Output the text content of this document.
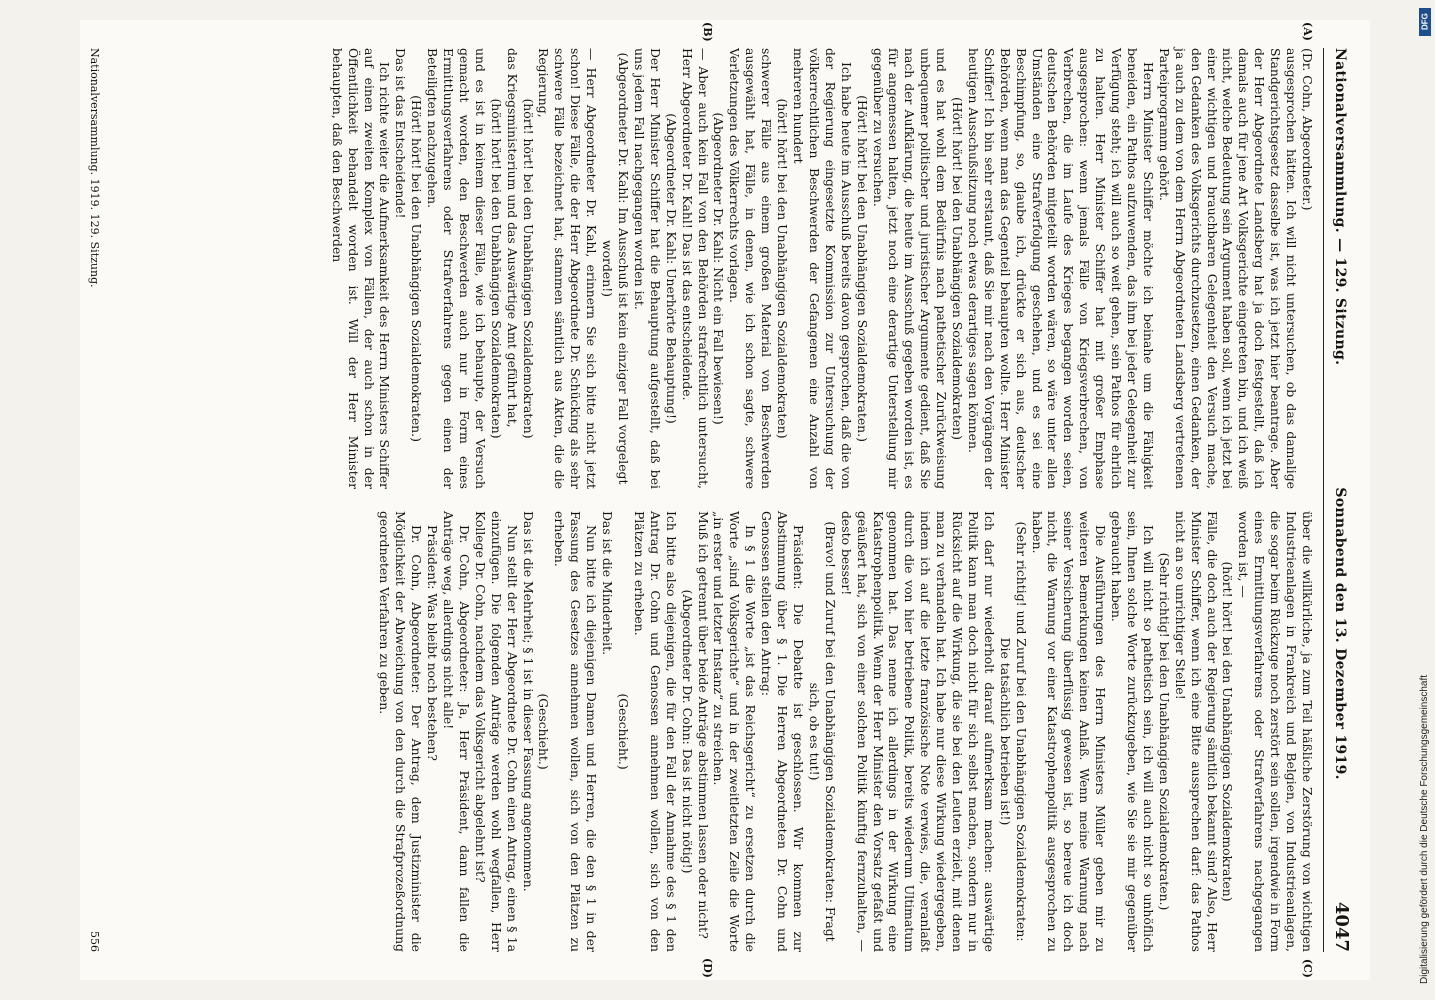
Nationalversammlung. — 129. Sitzung.
Sonnabend den 13. Dezember 1919.
4047
(A)
(B)

(Dr. Cohn, Abgeordneter.)

ausgesprochen hätten. Ich will nicht untersuchen, ob das damalige Standgerichtsgesetz dasselbe ist, was ich jetzt hier beantrage. Aber der Herr Abgeordnete Landsberg hat ja doch festgestellt, daß ich damals auch für jene Art Volksgerichte eingetreten bin, und ich weiß nicht, welche Bedeutung sein Argument haben soll, wenn ich jetzt bei einer wichtigen und brauchbaren Gelegenheit den Versuch mache, den Gedanken des Volksgerichts durchzusetzen, einen Gedanken, der ja auch zu dem von dem Herrn Abgeordneten Landsberg vertretenen Parteiprogramm gehört.

Herrn Minister Schiffer möchte ich beinahe um die Fähigkeit beneiden, ein Pathos aufzuwenden, das ihm bei jeder Gelegenheit zur Verfügung steht; ich will auch so weit gehen, sein Pathos für ehrlich zu halten. Herr Minister Schiffer hat mit großer Emphase ausgesprochen: wenn jemals Fälle von Kriegsverbrechen, von Verbrechen, die im Laufe des Krieges begangen worden seien, deutschen Behörden mitgeteilt worden wären, so wäre unter allen Umständen eine Strafverfolgung geschehen, und es sei eine Beschimpfung, so, glaube ich, drückte er sich aus, deutscher Behörden, wenn man das Gegenteil behaupten wollte. Herr Minister Schiffer! Ich bin sehr erstaunt, daß Sie mir nach den Vorgängen der heutigen Ausschußsitzung noch etwas derartiges sagen können.

(Hört! hört! bei den Unabhängigen Sozialdemokraten)

und es hat wohl dem Bedürfnis nach pathetischer Zurückweisung unbequemer politischer und juristischer Argumente gedient, daß Sie nach der Aufklärung, die heute im Ausschuß gegeben worden ist, es für angemessen halten, jetzt noch eine derartige Unterstellung mir gegenüber zu versuchen.

(Hört! hört! bei den Unabhängigen Sozialdemokraten.)

Ich habe heute im Ausschuß bereits davon gesprochen, daß die von der Regierung eingesetzte Kommission zur Untersuchung der völkerrechtlichen Beschwerden der Gefangenen eine Anzahl von mehreren hundert

(hört! hört! bei den Unabhängigen Sozialdemokraten)

schwerer Fälle aus einem großen Material von Beschwerden ausgewählt hat, Fälle, in denen, wie ich schon sagte, schwere Verletzungen des Völkerrechts vorlagen.

(Abgeordneter Dr. Kahl: Nicht ein Fall bewiesen!)

— Aber auch kein Fall von den Behörden strafrechtlich untersucht, Herr Abgeordneter Dr. Kahl! Das ist das entscheidende.

(Abgeordneter Dr. Kahl: Unerhörte Behauptung!)

Der Herr Minister Schiffer hat die Behauptung aufgestellt, daß bei uns jedem Fall nachgegangen worden ist.

(Abgeordneter Dr. Kahl: Im Ausschuß ist kein einziger Fall vorgelegt worden!)

— Herr Abgeordneter Dr. Kahl, erinnern Sie sich bitte nicht jetzt schon! Diese Fälle, die der Herr Abgeordnete Dr. Schücking als sehr schwere Fälle bezeichnet hat, stammen sämtlich aus Akten, die die Regierung,

(hört! hört! bei den Unabhängigen Sozialdemokraten)

das Kriegsministerium und das Auswärtige Amt geführt hat,

(hört! hört! bei den Unabhängigen Sozialdemokraten)

und es ist in keinem dieser Fälle, wie ich behaupte, der Versuch gemacht worden, den Beschwerden auch nur in Form eines Ermittlungsverfahrens oder Strafverfahrens gegen einen der Beteiligten nachzugehen.

(Hört! hört! bei den Unabhängigen Sozialdemokraten.)

Das ist das Entscheidende!

Ich richte weiter die Aufmerksamkeit des Herrn Ministers Schiffer auf einen zweiten Komplex von Fällen, der auch schon in der Öffentlichkeit behandelt worden ist. Will der Herr Minister behaupten, daß den Beschwerden

(C)
(D)

über die willkürliche, ja zum Teil häßliche Zerstörung von wichtigen Industrieanlagen in Frankreich und Belgien, von Industrieanlagen, die sogar beim Rückzuge noch zerstört sein sollen, irgendwie in Form eines Ermittlungsverfahrens oder Strafverfahrens nachgegangen worden ist, —

(hört! hört! bei den Unabhängigen Sozialdemokraten)

Fälle, die doch auch der Regierung sämtlich bekannt sind? Also, Herr Minister Schiffer, wenn ich eine Bitte aussprechen darf: das Pathos nicht an so unrichtiger Stelle!

(Sehr richtig! bei den Unabhängigen Sozialdemokraten.)

Ich will nicht so pathetisch sein, ich will auch nicht so unhöflich sein, Ihnen solche Worte zurückzugeben, wie Sie sie mir gegenüber gebraucht haben.

Die Ausführungen des Herrn Ministers Müller geben mir zu weiteren Bemerkungen keinen Anlaß. Wenn meine Warnung nach seiner Versicherung überflüssig gewesen ist, so bereue ich doch nicht, die Warnung vor einer Katastrophenpolitik ausgesprochen zu haben.

(Sehr richtig! und Zuruf bei den Unabhängigen Sozialdemokraten: Die tatsächlich betrieben ist!)

Ich darf nur wiederholt darauf aufmerksam machen: auswärtige Politik kann man doch nicht für sich selbst machen, sondern nur in Rücksicht auf die Wirkung, die sie bei den Leuten erzielt, mit denen man zu verhandeln hat. Ich habe nur diese Wirkung wiedergegeben, indem ich auf die letzte französische Note verwies, die, veranlaßt durch die von hier betriebene Politik, bereits wiederum Ultimatum genommen hat. Das nenne ich allerdings in der Wirkung eine Katastrophenpolitik. Wenn der Herr Minister den Vorsatz gefaßt und geäußert hat, sich von einer solchen Politik künftig fernzuhalten, — desto besser!

(Bravo! und Zuruf bei den Unabhängigen Sozialdemokraten: Fragt sich, ob es tut!)

Präsident: Die Debatte ist geschlossen. Wir kommen zur Abstimmung über § 1. Die Herren Abgeordneten Dr. Cohn und Genossen stellen den Antrag:

In § 1 die Worte „ist das Reichsgericht“ zu ersetzen durch die Worte „sind Volksgerichte“ und in der zweitletzten Zeile die Worte „in erster und letzter Instanz“ zu streichen.

Muß ich getrennt über beide Anträge abstimmen lassen oder nicht?

(Abgeordneter Dr. Cohn: Das ist nicht nötig!)

Ich bitte also diejenigen, die für den Fall der Annahme des § 1 den Antrag Dr. Cohn und Genossen annehmen wollen, sich von den Plätzen zu erheben.

(Geschieht.)

Das ist die Minderheit.

Nun bitte ich diejenigen Damen und Herren, die den § 1 in der Fassung des Gesetzes annehmen wollen, sich von den Plätzen zu erheben.

(Geschieht.)

Das ist die Mehrheit; § 1 ist in dieser Fassung angenommen.

Nun stellt der Herr Abgeordnete Dr. Cohn einen Antrag, einen § 1a einzufügen. Die folgenden Anträge werden wohl wegfallen, Herr Kollege Dr. Cohn, nachdem das Volksgericht abgelehnt ist?

Dr. Cohn, Abgeordneter: Ja, Herr Präsident, dann fallen die Anträge weg, allerdings nicht alle!

Präsident: Was bleibt noch bestehen?

Dr. Cohn, Abgeordneter: Der Antrag, dem Justizminister die Möglichkeit der Abweichung von den durch die Strafprozeßordnung geordneten Verfahren zu geben.

Nationalversammlung. 1919. 129. Sitzung.
556
DFG
Digitalisierung gefördert durch die Deutsche Forschungsgemeinschaft
